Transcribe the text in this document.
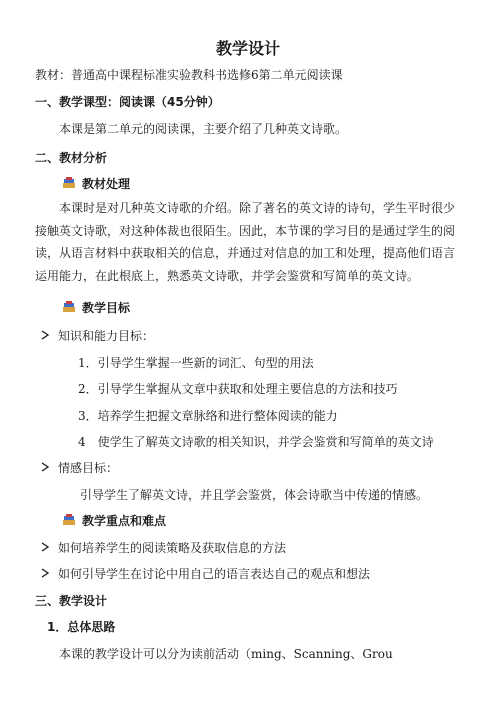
教学设计
教材：普通高中课程标准实验教科书选修6第二单元阅读课
一、教学课型：阅读课（45分钟）
本课是第二单元的阅读课，主要介绍了几种英文诗歌。
二、教材分析
教材处理
本课时是对几种英文诗歌的介绍。除了著名的英文诗的诗句，学生平时很少接触英文诗歌，对这种体裁也很陌生。因此，本节课的学习目的是通过学生的阅读，从语言材料中获取相关的信息，并通过对信息的加工和处理，提高他们语言运用能力，在此根底上，熟悉英文诗歌，并学会鉴赏和写简单的英文诗。
教学目标
知识和能力目标：
1．引导学生掌握一些新的词汇、句型的用法
2．引导学生掌握从文章中获取和处理主要信息的方法和技巧
3．培养学生把握文章脉络和进行整体阅读的能力
4　使学生了解英文诗歌的相关知识，并学会鉴赏和写简单的英文诗
情感目标：
引导学生了解英文诗，并且学会鉴赏，体会诗歌当中传递的情感。
教学重点和难点
如何培养学生的阅读策略及获取信息的方法
如何引导学生在讨论中用自己的语言表达自己的观点和想法
三、教学设计
1．总体思路
本课的教学设计可以分为读前活动（ming、Scanning、Grou
